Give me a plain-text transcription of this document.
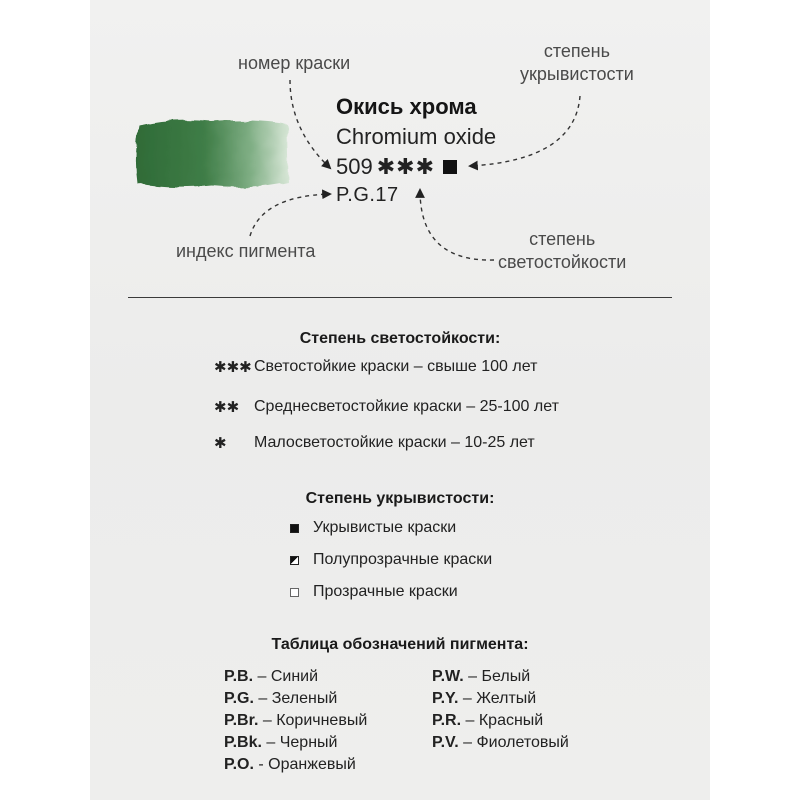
номер краски
степень
укрывистости
индекс пигмента
степень
светостойкости
Окись хрома
Chromium oxide
509 ✱✱✱
P.G.17
Степень светостойкости:
✱✱✱ Светостойкие краски – свыше 100 лет
✱✱ Среднесветостойкие краски – 25-100 лет
✱	Малосветостойкие краски – 10-25 лет
Степень укрывистости:
Укрывистые краски
Полупрозрачные краски
Прозрачные краски
Таблица обозначений пигмента:
P.B. – Синий
P.G. – Зеленый
P.Br. – Коричневый
P.Bk. – Черный
P.O. - Оранжевый
P.W. – Белый
P.Y. – Желтый
P.R. – Красный
P.V. – Фиолетовый
